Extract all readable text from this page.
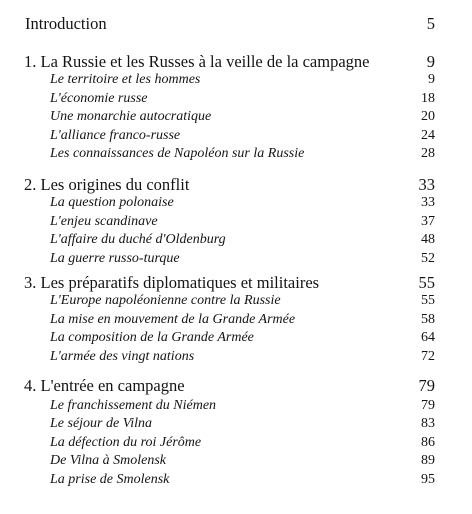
Introduction	5
1. La Russie et les Russes à la veille de la campagne	9
Le territoire et les hommes	9
L'économie russe	18
Une monarchie autocratique	20
L'alliance franco-russe	24
Les connaissances de Napoléon sur la Russie	28
2. Les origines du conflit	33
La question polonaise	33
L'enjeu scandinave	37
L'affaire du duché d'Oldenburg	48
La guerre russo-turque	52
3. Les préparatifs diplomatiques et militaires	55
L'Europe napoléonienne contre la Russie	55
La mise en mouvement de la Grande Armée	58
La composition de la Grande Armée	64
L'armée des vingt nations	72
4. L'entrée en campagne	79
Le franchissement du Niémen	79
Le séjour de Vilna	83
La défection du roi Jérôme	86
De Vilna à Smolensk	89
La prise de Smolensk	95
